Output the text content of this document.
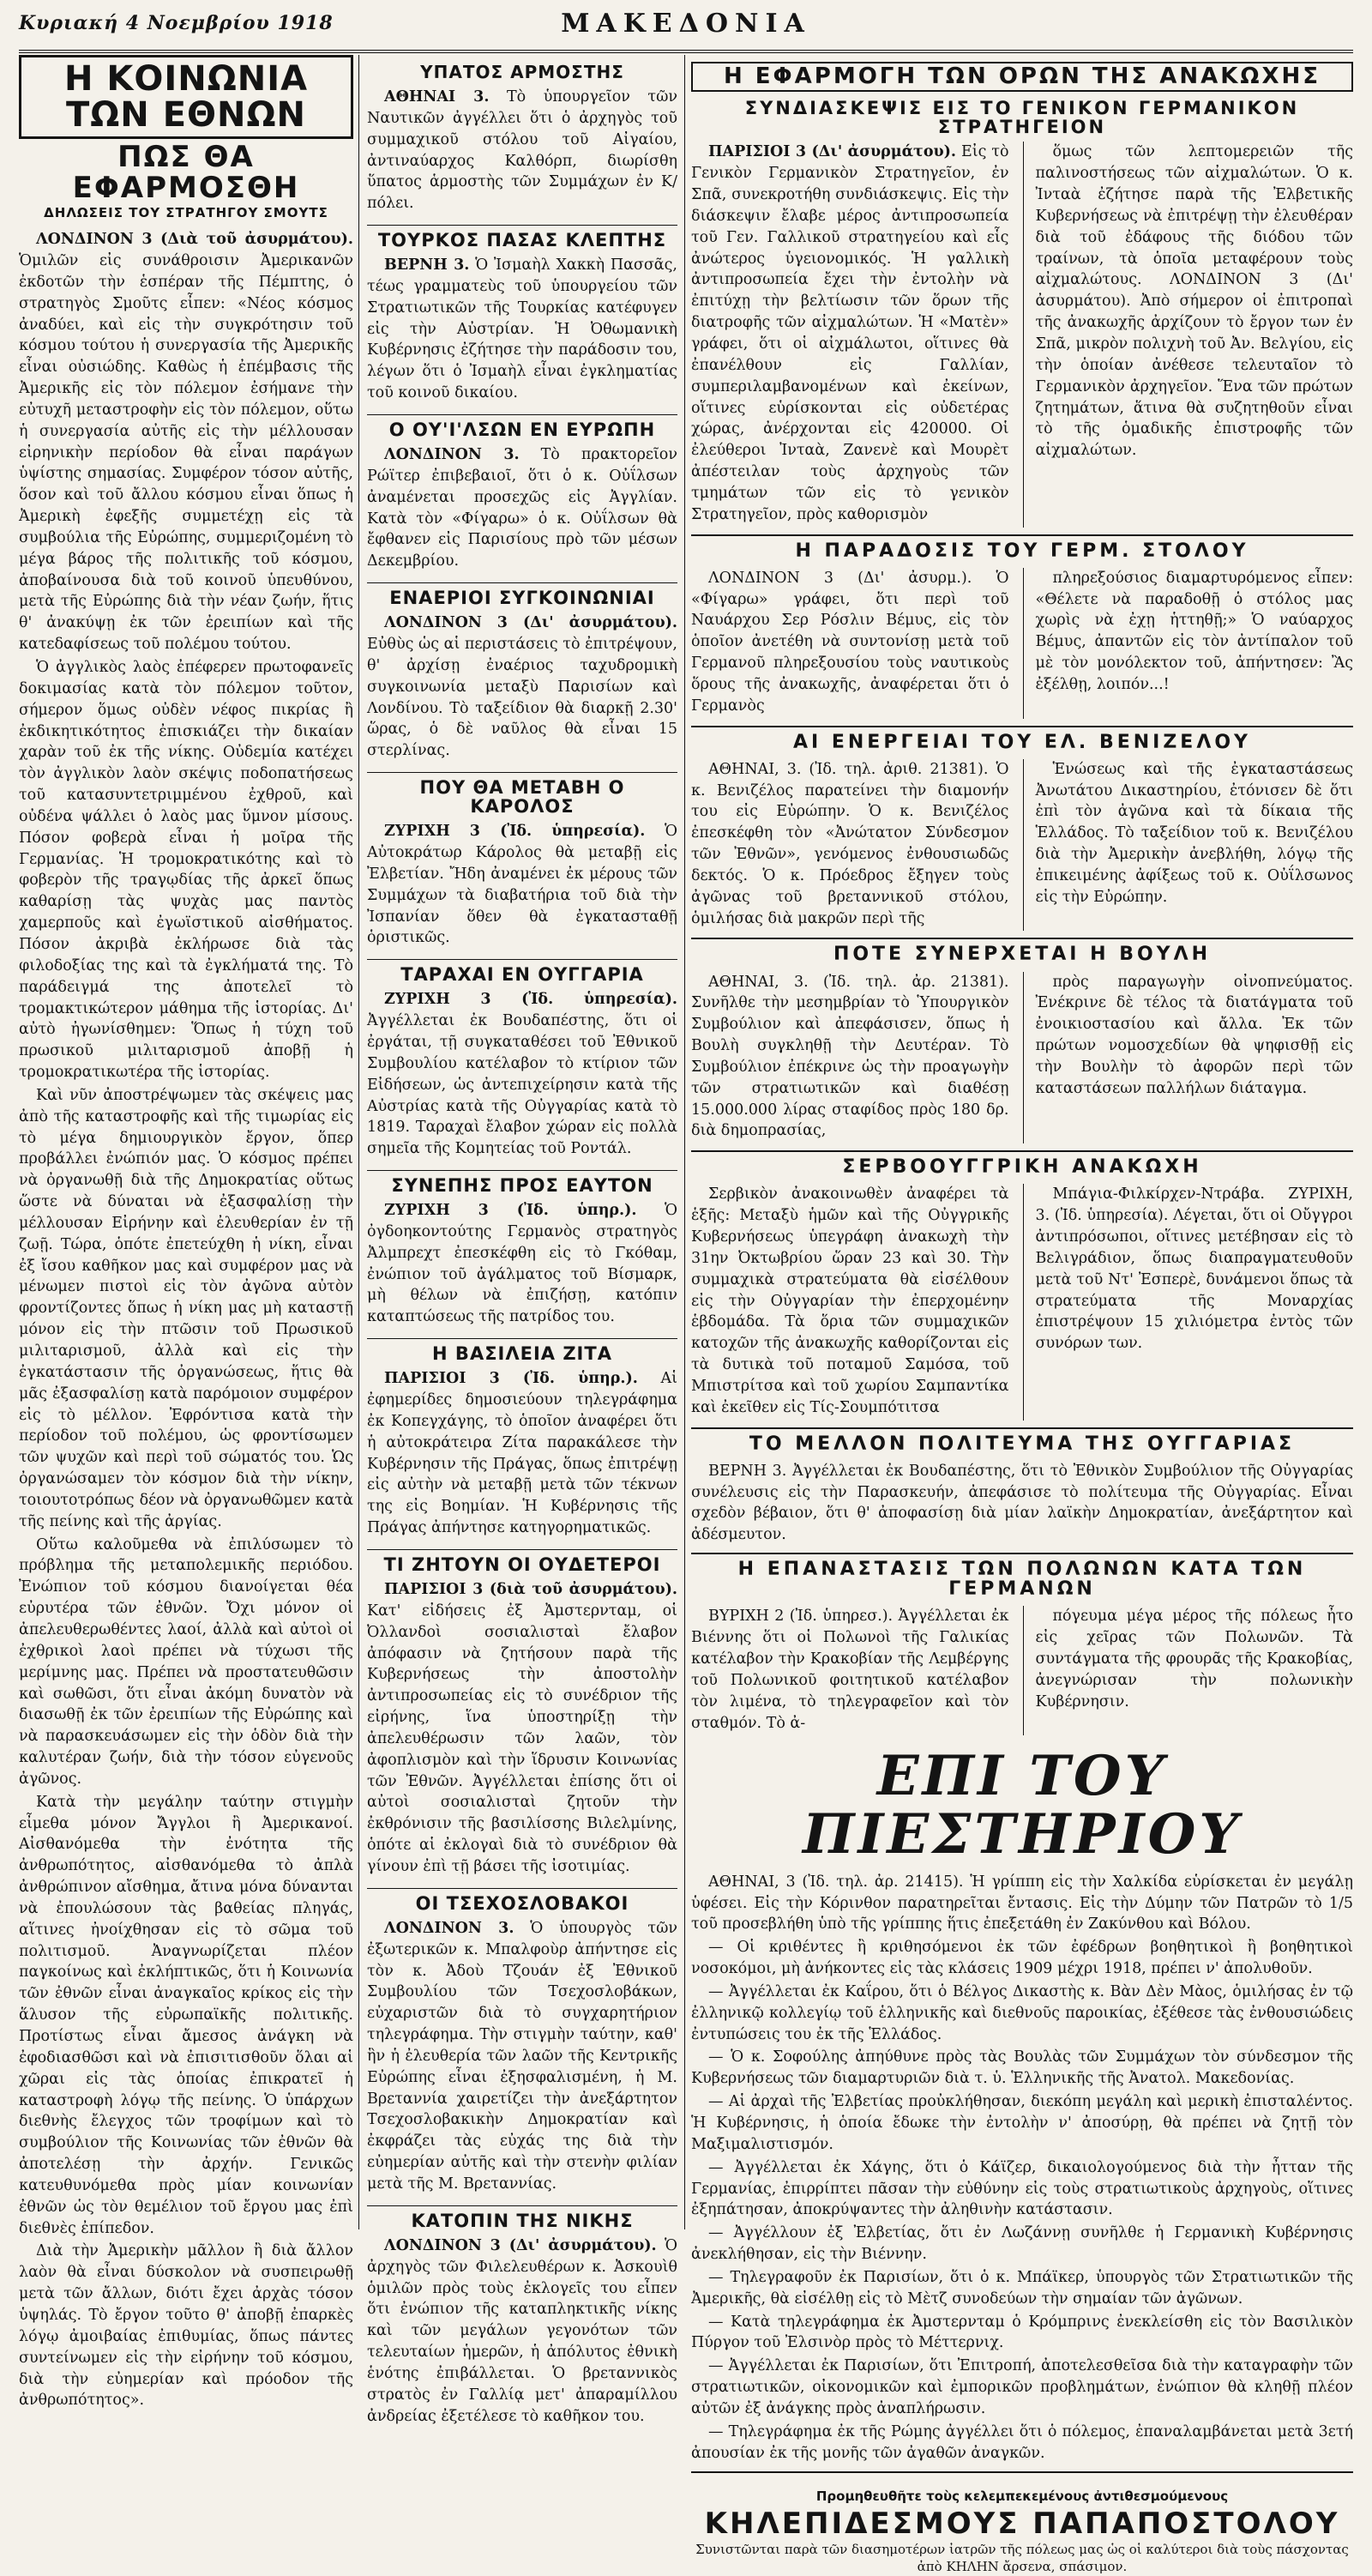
Κυριακή 4 Νοεμβρίου 1918	ΜΑΚΕΔΟΝΙΑ
Η ΚΟΙΝΩΝΙΑ ΤΩΝ ΕΘΝΩΝ
ΠΩΣ ΘΑ ΕΦΑΡΜΟΣΘΗ
ΔΗΛΩΣΕΙΣ ΤΟΥ ΣΤΡΑΤΗΓΟΥ ΣΜΟΥΤΣ

ΛΟΝΔΙΝΟΝ 3 (Διὰ τοῦ ἀσυρμάτου). Ὁμιλῶν εἰς συνάθροισιν Ἀμερικανῶν ἐκδοτῶν τὴν ἑσπέραν τῆς Πέμπτης, ὁ στρατηγὸς Σμοῦτς εἶπεν: «Νέος κόσμος ἀναδύει, καὶ εἰς τὴν συγκρότησιν τοῦ κόσμου τούτου ἡ συνεργασία τῆς Ἀμερικῆς εἶναι οὐσιώδης. Καθὼς ἡ ἐπέμβασις τῆς Ἀμερικῆς εἰς τὸν πόλεμον ἐσήμανε τὴν εὐτυχῆ μεταστροφὴν εἰς τὸν πόλεμον, οὕτω ἡ συνεργασία αὐτῆς εἰς τὴν μέλλουσαν εἰρηνικὴν περίοδον θὰ εἶναι παράγων ὑψίστης σημασίας. Συμφέρον τόσον αὐτῆς, ὅσον καὶ τοῦ ἄλλου κόσμου εἶναι ὅπως ἡ Ἀμερικὴ ἐφεξῆς συμμετέχῃ εἰς τὰ συμβούλια τῆς Εὐρώπης, συμμεριζομένη τὸ μέγα βάρος τῆς πολιτικῆς τοῦ κόσμου, ἀποβαίνουσα διὰ τοῦ κοινοῦ ὑπευθύνου, μετὰ τῆς Εὐρώπης διὰ τὴν νέαν ζωήν, ἥτις θ' ἀνακύψῃ ἐκ τῶν ἐρειπίων καὶ τῆς κατεδαφίσεως τοῦ πολέμου τούτου.

Ὁ ἀγγλικὸς λαὸς ἐπέφερεν πρωτοφανεῖς δοκιμασίας κατὰ τὸν πόλεμον τοῦτον, σήμερον ὅμως οὐδὲν νέφος πικρίας ἢ ἐκδικητικότητος ἐπισκιάζει τὴν δικαίαν χαρὰν τοῦ ἐκ τῆς νίκης. Οὐδεμία κατέχει τὸν ἀγγλικὸν λαὸν σκέψις ποδοπατήσεως τοῦ κατασυντετριμμένου ἐχθροῦ, καὶ οὐδένα ψάλλει ὁ λαὸς μας ὕμνον μίσους. Πόσον φοβερὰ εἶναι ἡ μοῖρα τῆς Γερμανίας. Ἡ τρομοκρατικότης καὶ τὸ φοβερὸν τῆς τραγῳδίας τῆς ἀρκεῖ ὅπως καθαρίσῃ τὰς ψυχὰς μας παντὸς χαμερποῦς καὶ ἐγωϊστικοῦ αἰσθήματος. Πόσον ἀκριβὰ ἐκλήρωσε διὰ τὰς φιλοδοξίας της καὶ τὰ ἐγκλήματά της. Τὸ παράδειγμά της ἀποτελεῖ τὸ τρομακτικώτερον μάθημα τῆς ἱστορίας. Δι' αὐτὸ ἠγωνίσθημεν: Ὅπως ἡ τύχη τοῦ πρωσικοῦ μιλιταρισμοῦ ἀποβῇ ἡ τρομοκρατικωτέρα τῆς ἱστορίας.

Καὶ νῦν ἀποστρέψωμεν τὰς σκέψεις μας ἀπὸ τῆς καταστροφῆς καὶ τῆς τιμωρίας εἰς τὸ μέγα δημιουργικὸν ἔργον, ὅπερ προβάλλει ἐνώπιόν μας. Ὁ κόσμος πρέπει νὰ ὀργανωθῇ διὰ τῆς Δημοκρατίας οὕτως ὥστε νὰ δύναται νὰ ἐξασφαλίσῃ τὴν μέλλουσαν Εἰρήνην καὶ ἐλευθερίαν ἐν τῇ ζωῇ. Τώρα, ὁπότε ἐπετεύχθη ἡ νίκη, εἶναι ἐξ ἴσου καθῆκον μας καὶ συμφέρον μας νὰ μένωμεν πιστοὶ εἰς τὸν ἀγῶνα αὐτὸν φροντίζοντες ὅπως ἡ νίκη μας μὴ καταστῇ μόνον εἰς τὴν πτῶσιν τοῦ Πρωσικοῦ μιλιταρισμοῦ, ἀλλὰ καὶ εἰς τὴν ἐγκατάστασιν τῆς ὀργανώσεως, ἥτις θὰ μᾶς ἐξασφαλίσῃ κατὰ παρόμοιον συμφέρον εἰς τὸ μέλλον. Ἐφρόντισα κατὰ τὴν περίοδον τοῦ πολέμου, ὡς φροντίσωμεν τῶν ψυχῶν καὶ περὶ τοῦ σώματός του. Ὡς ὀργανώσαμεν τὸν κόσμον διὰ τὴν νίκην, τοιουτοτρόπως δέον νὰ ὀργανωθῶμεν κατὰ τῆς πείνης καὶ τῆς ἀργίας.

Οὕτω καλοῦμεθα νὰ ἐπιλύσωμεν τὸ πρόβλημα τῆς μεταπολεμικῆς περιόδου. Ἐνώπιον τοῦ κόσμου διανοίγεται θέα εὐρυτέρα τῶν ἐθνῶν. Ὄχι μόνον οἱ ἀπελευθερωθέντες λαοί, ἀλλὰ καὶ αὐτοὶ οἱ ἐχθρικοὶ λαοὶ πρέπει νὰ τύχωσι τῆς μερίμνης μας. Πρέπει νὰ προστατευθῶσιν καὶ σωθῶσι, ὅτι εἶναι ἀκόμη δυνατὸν νὰ διασωθῇ ἐκ τῶν ἐρειπίων τῆς Εὐρώπης καὶ νὰ παρασκευάσωμεν εἰς τὴν ὁδὸν διὰ τὴν καλυτέραν ζωήν, διὰ τὴν τόσον εὐγενοῦς ἀγῶνος.

Κατὰ τὴν μεγάλην ταύτην στιγμὴν εἶμεθα μόνον Ἄγγλοι ἢ Ἀμερικανοί. Αἰσθανόμεθα τὴν ἐνότητα τῆς ἀνθρωπότητος, αἰσθανόμεθα τὸ ἀπλὰ ἀνθρώπινον αἴσθημα, ἄτινα μόνα δύνανται νὰ ἐπουλώσουν τὰς βαθείας πληγάς, αἵτινες ἠνοίχθησαν εἰς τὸ σῶμα τοῦ πολιτισμοῦ. Ἀναγνωρίζεται πλέον παγκοίνως καὶ ἐκλήπτικῶς, ὅτι ἡ Κοινωνία τῶν ἐθνῶν εἶναι ἀναγκαῖος κρίκος εἰς τὴν ἅλυσον τῆς εὐρωπαϊκῆς πολιτικῆς. Προτίστως εἶναι ἄμεσος ἀνάγκη νὰ ἐφοδιασθῶσι καὶ νὰ ἐπισιτισθοῦν ὅλαι αἱ χῶραι εἰς τὰς ὁποίας ἐπικρατεῖ ἡ καταστροφὴ λόγῳ τῆς πείνης. Ὁ ὑπάρχων διεθνὴς ἔλεγχος τῶν τροφίμων καὶ τὸ συμβούλιον τῆς Κοινωνίας τῶν ἐθνῶν θὰ ἀποτελέσῃ τὴν ἀρχήν. Γενικῶς κατευθυνόμεθα πρὸς μίαν κοινωνίαν ἐθνῶν ὡς τὸν θεμέλιον τοῦ ἔργου μας ἐπὶ διεθνὲς ἐπίπεδον.

Διὰ τὴν Ἀμερικὴν μᾶλλον ἢ διὰ ἄλλον λαὸν θὰ εἶναι δύσκολον νὰ συσπειρωθῇ μετὰ τῶν ἄλλων, διότι ἔχει ἀρχὰς τόσον ὑψηλάς. Τὸ ἔργον τοῦτο θ' ἀποβῇ ἐπαρκὲς λόγῳ ἀμοιβαίας ἐπιθυμίας, ὅπως πάντες συντείνωμεν εἰς τὴν εἰρήνην τοῦ κόσμου, διὰ τὴν εὐημερίαν καὶ πρόοδον τῆς ἀνθρωπότητος».

ΥΠΑΤΟΣ ΑΡΜΟΣΤΗΣ

ΑΘΗΝΑΙ 3. Τὸ ὑπουργεῖον τῶν Ναυτικῶν ἀγγέλλει ὅτι ὁ ἀρχηγὸς τοῦ συμμαχικοῦ στόλου τοῦ Αἰγαίου, ἀντιναύαρχος Καλθόρπ, διωρίσθη ὕπατος ἁρμοστὴς τῶν Συμμάχων ἐν Κ/πόλει.

ΤΟΥΡΚΟΣ ΠΑΣΑΣ ΚΛΕΠΤΗΣ

ΒΕΡΝΗ 3. Ὁ Ἰσμαὴλ Χακκὴ Πασσᾶς, τέως γραμματεὺς τοῦ ὑπουργείου τῶν Στρατιωτικῶν τῆς Τουρκίας κατέφυγεν εἰς τὴν Αὐστρίαν. Ἡ Ὀθωμανικὴ Κυβέρνησις ἐζήτησε τὴν παράδοσιν του, λέγων ὅτι ὁ Ἰσμαὴλ εἶναι ἐγκληματίας τοῦ κοινοῦ δικαίου.

Ο ΟΥ'Ι'ΛΣΩΝ ΕΝ ΕΥΡΩΠΗ

ΛΟΝΔΙΝΟΝ 3. Τὸ πρακτορεῖον Ρώϊτερ ἐπιβεβαιοῖ, ὅτι ὁ κ. Οὐΐλσων ἀναμένεται προσεχῶς εἰς Ἀγγλίαν. Κατὰ τὸν «Φίγαρω» ὁ κ. Οὐΐλσων θὰ ἔφθανεν εἰς Παρισίους πρὸ τῶν μέσων Δεκεμβρίου.

ΕΝΑΕΡΙΟΙ ΣΥΓΚΟΙΝΩΝΙΑΙ

ΛΟΝΔΙΝΟΝ 3 (Δι' ἀσυρμάτου). Εὐθὺς ὡς αἱ περιστάσεις τὸ ἐπιτρέψουν, θ' ἀρχίσῃ ἐναέριος ταχυδρομικὴ συγκοινωνία μεταξὺ Παρισίων καὶ Λονδίνου. Τὸ ταξείδιον θὰ διαρκῇ 2.30' ὥρας, ὁ δὲ ναῦλος θὰ εἶναι 15 στερλίνας.

ΠΟΥ ΘΑ ΜΕΤΑΒΗ Ο ΚΑΡΟΛΟΣ

ΖΥΡΙΧΗ 3 (Ἰδ. ὑπηρεσία). Ὁ Αὐτοκράτωρ Κάρολος θὰ μεταβῇ εἰς Ἐλβετίαν. Ἤδη ἀναμένει ἐκ μέρους τῶν Συμμάχων τὰ διαβατήρια τοῦ διὰ τὴν Ἰσπανίαν ὅθεν θὰ ἐγκατασταθῇ ὁριστικῶς.

ΤΑΡΑΧΑΙ ΕΝ ΟΥΓΓΑΡΙΑ

ΖΥΡΙΧΗ 3 (Ἰδ. ὑπηρεσία). Ἀγγέλλεται ἐκ Βουδαπέστης, ὅτι οἱ ἐργάται, τῇ συγκαταθέσει τοῦ Ἐθνικοῦ Συμβουλίου κατέλαβον τὸ κτίριον τῶν Εἰδήσεων, ὡς ἀντεπιχείρησιν κατὰ τῆς Αὐστρίας κατὰ τῆς Οὐγγαρίας κατὰ τὸ 1819. Ταραχαὶ ἔλαβον χώραν εἰς πολλὰ σημεῖα τῆς Κομητείας τοῦ Ροντάλ.

ΣΥΝΕΠΗΣ ΠΡΟΣ ΕΑΥΤΟΝ

ΖΥΡΙΧΗ 3 (Ἰδ. ὑπηρ.). Ὁ ὀγδοηκοντούτης Γερμανὸς στρατηγὸς Ἀλμπρεχτ ἐπεσκέφθη εἰς τὸ Γκόθαμ, ἐνώπιον τοῦ ἀγάλματος τοῦ Βίσμαρκ, μὴ θέλων νὰ ἐπιζήσῃ, κατόπιν καταπτώσεως τῆς πατρίδος του.

Η ΒΑΣΙΛΕΙΑ ΖΙΤΑ

ΠΑΡΙΣΙΟΙ 3 (Ἰδ. ὑπηρ.). Αἱ ἐφημερίδες δημοσιεύουν τηλεγράφημα ἐκ Κοπεγχάγης, τὸ ὁποῖον ἀναφέρει ὅτι ἡ αὐτοκράτειρα Ζίτα παρακάλεσε τὴν Κυβέρνησιν τῆς Πράγας, ὅπως ἐπιτρέψῃ εἰς αὐτὴν νὰ μεταβῇ μετὰ τῶν τέκνων της εἰς Βοημίαν. Ἡ Κυβέρνησις τῆς Πράγας ἀπήντησε κατηγορηματικῶς.

ΤΙ ΖΗΤΟΥΝ ΟΙ ΟΥΔΕΤΕΡΟΙ

ΠΑΡΙΣΙΟΙ 3 (διὰ τοῦ ἀσυρμάτου). Κατ' εἰδήσεις ἐξ Ἀμστερνταμ, οἱ Ὀλλανδοὶ σοσιαλισταὶ ἔλαβον ἀπόφασιν νὰ ζητήσουν παρὰ τῆς Κυβερνήσεως τὴν ἀποστολὴν ἀντιπροσωπείας εἰς τὸ συνέδριον τῆς εἰρήνης, ἵνα ὑποστηρίξῃ τὴν ἀπελευθέρωσιν τῶν λαῶν, τὸν ἀφοπλισμὸν καὶ τὴν ἵδρυσιν Κοινωνίας τῶν Ἐθνῶν. Ἀγγέλλεται ἐπίσης ὅτι οἱ αὐτοὶ σοσιαλισταὶ ζητοῦν τὴν ἐκθρόνισιν τῆς βασιλίσσης Βιλελμίνης, ὁπότε αἱ ἐκλογαὶ διὰ τὸ συνέδριον θὰ γίνουν ἐπὶ τῇ βάσει τῆς ἰσοτιμίας.

ΟΙ ΤΣΕΧΟΣΛΟΒΑΚΟΙ

ΛΟΝΔΙΝΟΝ 3. Ὁ ὑπουργὸς τῶν ἐξωτερικῶν κ. Μπαλφοὺρ ἀπήντησε εἰς τὸν κ. Ἀδοὺ Τζουάν ἐξ Ἐθνικοῦ Συμβουλίου τῶν Τσεχοσλοβάκων, εὐχαριστῶν διὰ τὸ συγχαρητήριον τηλεγράφημα. Τὴν στιγμὴν ταύτην, καθ' ἣν ἡ ἐλευθερία τῶν λαῶν τῆς Κεντρικῆς Εὐρώπης εἶναι ἐξησφαλισμένη, ἡ Μ. Βρεταννία χαιρετίζει τὴν ἀνεξάρτητον Τσεχοσλοβακικὴν Δημοκρατίαν καὶ ἐκφράζει τὰς εὐχάς της διὰ τὴν εὐημερίαν αὐτῆς καὶ τὴν στενὴν φιλίαν μετὰ τῆς Μ. Βρεταννίας.

ΚΑΤΟΠΙΝ ΤΗΣ ΝΙΚΗΣ

ΛΟΝΔΙΝΟΝ 3 (Δι' ἀσυρμάτου). Ὁ ἀρχηγὸς τῶν Φιλελευθέρων κ. Ἀσκουὶθ ὁμιλῶν πρὸς τοὺς ἐκλογεῖς του εἶπεν ὅτι ἐνώπιον τῆς καταπληκτικῆς νίκης καὶ τῶν μεγάλων γεγονότων τῶν τελευταίων ἡμερῶν, ἡ ἀπόλυτος ἐθνικὴ ἑνότης ἐπιβάλλεται. Ὁ βρεταννικὸς στρατὸς ἐν Γαλλίᾳ μετ' ἀπαραμίλλου ἀνδρείας ἐξετέλεσε τὸ καθῆκον του.

Η ΕΦΑΡΜΟΓΗ ΤΩΝ ΟΡΩΝ ΤΗΣ ΑΝΑΚΩΧΗΣ
ΣΥΝΔΙΑΣΚΕΨΙΣ ΕΙΣ ΤΟ ΓΕΝΙΚΟΝ ΓΕΡΜΑΝΙΚΟΝ ΣΤΡΑΤΗΓΕΙΟΝ

ΠΑΡΙΣΙΟΙ 3 (Δι' ἀσυρμάτου). Εἰς τὸ Γενικὸν Γερμανικὸν Στρατηγεῖον, ἐν Σπᾶ, συνεκροτήθη συνδιάσκεψις. Εἰς τὴν διάσκεψιν ἔλαβε μέρος ἀντιπροσωπεία τοῦ Γεν. Γαλλικοῦ στρατηγείου καὶ εἷς ἀνώτερος ὑγειονομικός. Ἡ γαλλικὴ ἀντιπροσωπεία ἔχει τὴν ἐντολὴν νὰ ἐπιτύχῃ τὴν βελτίωσιν τῶν ὅρων τῆς διατροφῆς τῶν αἰχμαλώτων. Ἡ «Ματὲν» γράφει, ὅτι οἱ αἰχμάλωτοι, οἵτινες θὰ ἐπανέλθουν εἰς Γαλλίαν, συμπεριλαμβανομένων καὶ ἐκείνων, οἵτινες εὑρίσκονται εἰς οὐδετέρας χώρας, ἀνέρχονται εἰς 420000. Οἱ ἐλεύθεροι Ἰνταὰ, Ζανενὲ καὶ Μουρὲτ ἀπέστειλαν τοὺς ἀρχηγοὺς τῶν τμημάτων τῶν εἰς τὸ γενικὸν Στρατηγεῖον, πρὸς καθορισμὸν

ὅμως τῶν λεπτομερειῶν τῆς παλινοστήσεως τῶν αἰχμαλώτων. Ὁ κ. Ἰνταὰ ἐζήτησε παρὰ τῆς Ἐλβετικῆς Κυβερνήσεως νὰ ἐπιτρέψῃ τὴν ἐλευθέραν διὰ τοῦ ἐδάφους τῆς διόδου τῶν τραίνων, τὰ ὁποῖα μεταφέρουν τοὺς αἰχμαλώτους. ΛΟΝΔΙΝΟΝ 3 (Δι' ἀσυρμάτου). Ἀπὸ σήμερον οἱ ἐπιτροπαὶ τῆς ἀνακωχῆς ἀρχίζουν τὸ ἔργον των ἐν Σπᾶ, μικρὸν πολιχνὴ τοῦ Ἀν. Βελγίου, εἰς τὴν ὁποίαν ἀνέθεσε τελευταῖον τὸ Γερμανικὸν ἀρχηγεῖον. Ἕνα τῶν πρώτων ζητημάτων, ἅτινα θὰ συζητηθοῦν εἶναι τὸ τῆς ὁμαδικῆς ἐπιστροφῆς τῶν αἰχμαλώτων.

Η ΠΑΡΑΔΟΣΙΣ ΤΟΥ ΓΕΡΜ. ΣΤΟΛΟΥ

ΛΟΝΔΙΝΟΝ 3 (Δι' ἀσυρμ.). Ὁ «Φίγαρω» γράφει, ὅτι περὶ τοῦ Ναυάρχου Σερ Ρόσλιν Βέμυς, εἰς τὸν ὁποῖον ἀνετέθη νὰ συντονίσῃ μετὰ τοῦ Γερμανοῦ πληρεξουσίου τοὺς ναυτικοὺς ὅρους τῆς ἀνακωχῆς, ἀναφέρεται ὅτι ὁ Γερμανὸς

πληρεξούσιος διαμαρτυρόμενος εἶπεν: «Θέλετε νὰ παραδοθῇ ὁ στόλος μας χωρὶς νὰ ἐχῃ ἡττηθῇ;» Ὁ ναύαρχος Βέμυς, ἀπαντῶν εἰς τὸν ἀντίπαλον τοῦ μὲ τὸν μονόλεκτον τοῦ, ἀπήντησεν: Ἂς ἐξέλθῃ, λοιπόν...!

ΑΙ ΕΝΕΡΓΕΙΑΙ ΤΟΥ ΕΛ. ΒΕΝΙΖΕΛΟΥ

ΑΘΗΝΑΙ, 3. (Ἰδ. τηλ. ἀριθ. 21381). Ὁ κ. Βενιζέλος παρατείνει τὴν διαμονήν του εἰς Εὐρώπην. Ὁ κ. Βενιζέλος ἐπεσκέφθη τὸν «Ἀνώτατον Σύνδεσμον τῶν Ἐθνῶν», γενόμενος ἐνθουσιωδῶς δεκτός. Ὁ κ. Πρόεδρος ἔξηγεν τοὺς ἀγῶνας τοῦ βρεταννικοῦ στόλου, ὁμιλήσας διὰ μακρῶν περὶ τῆς

Ἑνώσεως καὶ τῆς ἐγκαταστάσεως Ἀνωτάτου Δικαστηρίου, ἐτόνισεν δὲ ὅτι ἐπὶ τὸν ἀγῶνα καὶ τὰ δίκαια τῆς Ἑλλάδος. Τὸ ταξείδιον τοῦ κ. Βενιζέλου διὰ τὴν Ἀμερικὴν ἀνεβλήθη, λόγῳ τῆς ἐπικειμένης ἀφίξεως τοῦ κ. Οὐΐλσωνος εἰς τὴν Εὐρώπην.

ΠΟΤΕ ΣΥΝΕΡΧΕΤΑΙ Η ΒΟΥΛΗ

ΑΘΗΝΑΙ, 3. (Ἰδ. τηλ. ἀρ. 21381). Συνῆλθε τὴν μεσημβρίαν τὸ Ὑπουργικὸν Συμβούλιον καὶ ἀπεφάσισεν, ὅπως ἡ Βουλὴ συγκληθῇ τὴν Δευτέραν. Τὸ Συμβούλιον ἐπέκρινε ὡς τὴν προαγωγὴν τῶν στρατιωτικῶν καὶ διαθέσῃ 15.000.000 λίρας σταφίδος πρὸς 180 δρ. διὰ δημοπρασίας,

πρὸς παραγωγὴν οἰνοπνεύματος. Ἐνέκρινε δὲ τέλος τὰ διατάγματα τοῦ ἐνοικιοστασίου καὶ ἄλλα. Ἐκ τῶν πρώτων νομοσχεδίων θὰ ψηφισθῇ εἰς τὴν Βουλὴν τὸ ἀφορῶν περὶ τῶν καταστάσεων παλλήλων διάταγμα.

ΣΕΡΒΟΟΥΓΓΡΙΚΗ ΑΝΑΚΩΧΗ

Σερβικὸν ἀνακοινωθὲν ἀναφέρει τὰ ἑξῆς: Μεταξὺ ἡμῶν καὶ τῆς Οὐγγρικῆς Κυβερνήσεως ὑπεγράφη ἀνακωχὴ τὴν 31ην Ὀκτωβρίου ὥραν 23 καὶ 30. Τὴν συμμαχικὰ στρατεύματα θὰ εἰσέλθουν εἰς τὴν Οὐγγαρίαν τὴν ἐπερχομένην ἑβδομάδα. Τὰ ὅρια τῶν συμμαχικῶν κατοχῶν τῆς ἀνακωχῆς καθορίζονται εἰς τὰ δυτικὰ τοῦ ποταμοῦ Σαμόσα, τοῦ Μπιστρίτσα καὶ τοῦ χωρίου Σαμπαντίκα καὶ ἐκεῖθεν εἰς Τίς-Σουμπότιτσα

Μπάγια-Φιλκίρχεν-Ντράβα. ΖΥΡΙΧΗ, 3. (Ἰδ. ὑπηρεσία). Λέγεται, ὅτι οἱ Οὔγγροι ἀντιπρόσωποι, οἵτινες μετέβησαν εἰς τὸ Βελιγράδιον, ὅπως διαπραγματευθοῦν μετὰ τοῦ Ντ' Ἐσπερὲ, δυνάμενοι ὅπως τὰ στρατεύματα τῆς Μοναρχίας ἐπιστρέψουν 15 χιλιόμετρα ἐντὸς τῶν συνόρων των.

ΤΟ ΜΕΛΛΟΝ ΠΟΛΙΤΕΥΜΑ ΤΗΣ ΟΥΓΓΑΡΙΑΣ

ΒΕΡΝΗ 3. Ἀγγέλλεται ἐκ Βουδαπέστης, ὅτι τὸ Ἐθνικὸν Συμβούλιον τῆς Οὐγγαρίας συνέλευσις εἰς τὴν Παρασκευήν, ἀπεφάσισε τὸ πολίτευμα τῆς Οὐγγαρίας. Εἶναι σχεδὸν βέβαιον, ὅτι θ' ἀποφασίσῃ διὰ μίαν λαϊκὴν Δημοκρατίαν, ἀνεξάρτητον καὶ ἀδέσμευτον.

Η ΕΠΑΝΑΣΤΑΣΙΣ ΤΩΝ ΠΟΛΩΝΩΝ ΚΑΤΑ ΤΩΝ ΓΕΡΜΑΝΩΝ

ΒΥΡΙΧΗ 2 (Ἰδ. ὑπηρεσ.). Ἀγγέλλεται ἐκ Βιέννης ὅτι οἱ Πολωνοὶ τῆς Γαλικίας κατέλαβον τὴν Κρακοβίαν τῆς Λεμβέργης τοῦ Πολωνικοῦ φοιτητικοῦ κατέλαβον τὸν λιμένα, τὸ τηλεγραφεῖον καὶ τὸν σταθμόν. Τὸ ἀ-

πόγευμα μέγα μέρος τῆς πόλεως ἦτο εἰς χεῖρας τῶν Πολωνῶν. Τὰ συντάγματα τῆς φρουρᾶς τῆς Κρακοβίας, ἀνεγνώρισαν τὴν πολωνικὴν Κυβέρνησιν.

ΕΠΙ ΤΟΥ ΠΙΕΣΤΗΡΙΟΥ

ΑΘΗΝΑΙ, 3 (Ἰδ. τηλ. ἀρ. 21415). Ἡ γρίππη εἰς τὴν Χαλκίδα εὑρίσκεται ἐν μεγάλῃ ὑφέσει. Εἰς τὴν Κόρινθον παρατηρεῖται ἔντασις. Εἰς τὴν Δύμην τῶν Πατρῶν τὸ 1/5 τοῦ προσεβλήθη ὑπὸ τῆς γρίππης ἥτις ἐπεξετάθη ἐν Ζακύνθου καὶ Βόλου.

— Οἱ κριθέντες ἢ κριθησόμενοι ἐκ τῶν ἐφέδρων βοηθητικοὶ ἢ βοηθητικοὶ νοσοκόμοι, μὴ ἀνήκοντες εἰς τὰς κλάσεις 1909 μέχρι 1918, πρέπει ν' ἀπολυθοῦν.

— Ἀγγέλλεται ἐκ Καΐρου, ὅτι ὁ Βέλγος Δικαστὴς κ. Βὰν Δὲν Μὰος, ὁμιλήσας ἐν τῷ ἐλληνικῷ κολλεγίῳ τοῦ ἑλληνικῆς καὶ διεθνοῦς παροικίας, ἐξέθεσε τὰς ἐνθουσιώδεις ἐντυπώσεις του ἐκ τῆς Ἑλλάδος.

— Ὁ κ. Σοφούλης ἀπηύθυνε πρὸς τὰς Βουλὰς τῶν Συμμάχων τὸν σύνδεσμον τῆς Κυβερνήσεως τῶν διαμαρτυριῶν διὰ τ. ὑ. Ἑλληνικῆς τῆς Ἀνατολ. Μακεδονίας.

— Αἱ ἀρχαὶ τῆς Ἐλβετίας προὐκλήθησαν, διεκόπη μεγάλη καὶ μερικὴ ἐπισταλέντος. Ἡ Κυβέρνησις, ἡ ὁποία ἔδωκε τὴν ἐντολὴν ν' ἀποσύρῃ, θὰ πρέπει νὰ ζητῇ τὸν Μαξιμαλιστισμόν.

— Ἀγγέλλεται ἐκ Χάγης, ὅτι ὁ Κάϊζερ, δικαιολογούμενος διὰ τὴν ἦτταν τῆς Γερμανίας, ἐπιρρίπτει πᾶσαν τὴν εὐθύνην εἰς τοὺς στρατιωτικοὺς ἀρχηγοὺς, οἵτινες ἐξηπάτησαν, ἀποκρύψαντες τὴν ἀληθινὴν κατάστασιν.

— Ἀγγέλλουν ἐξ Ἐλβετίας, ὅτι ἐν Λωζάννῃ συνῆλθε ἡ Γερμανικὴ Κυβέρνησις ἀνεκλήθησαν, εἰς τὴν Βιέννην.

— Τηλεγραφοῦν ἐκ Παρισίων, ὅτι ὁ κ. Μπάϊκερ, ὑπουργὸς τῶν Στρατιωτικῶν τῆς Ἀμερικῆς, θὰ εἰσέλθῃ εἰς τὸ Μὲτζ συνοδεύων τὴν σημαίαν τῶν ἀγῶνων.

— Κατὰ τηλεγράφημα ἐκ Ἀμστερνταμ ὁ Κρόμπρινς ἐνεκλείσθη εἰς τὸν Βασιλικὸν Πύργον τοῦ Ἐλσινὸρ πρὸς τὸ Μέττερνιχ.

— Ἀγγέλλεται ἐκ Παρισίων, ὅτι Ἐπιτροπή, ἀποτελεσθεῖσα διὰ τὴν καταγραφὴν τῶν στρατιωτικῶν, οἰκονομικῶν καὶ ἐμπορικῶν προβλημάτων, ἐνώπιον θὰ κληθῇ πλέον αὐτῶν ἐξ ἀνάγκης πρὸς ἀναπλήρωσιν.

— Τηλεγράφημα ἐκ τῆς Ρώμης ἀγγέλλει ὅτι ὁ πόλεμος, ἐπαναλαμβάνεται μετὰ 3ετή ἀπουσίαν ἐκ τῆς μονῆς τῶν ἀγαθῶν ἀναγκῶν.

Προμηθευθῆτε τοὺς κελεμπεκεμένους ἀντιθεσμούμενους
ΚΗΛΕΠΙΔΕΣΜΟΥΣ ΠΑΠΑΠΟΣΤΟΛΟΥ

Συνιστῶνται παρὰ τῶν διασημοτέρων ἰατρῶν τῆς πόλεως μας ὡς οἱ καλύτεροι διὰ τοὺς πάσχοντας ἀπὸ ΚΗΛΗΝ ἄρσενα, σπάσιμον.
